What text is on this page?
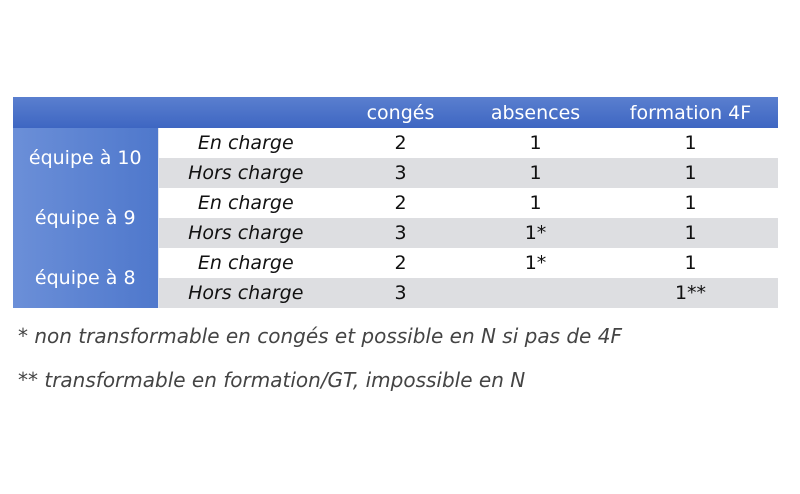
		congés	absences	formation 4F
équipe à 10	En charge	2	1	1
	Hors charge	3	1	1
équipe à 9	En charge	2	1	1
	Hors charge	3	1*	1
équipe à 8	En charge	2	1*	1
	Hors charge	3		1**
* non transformable en congés et possible en N si pas de 4F
** transformable en formation/GT, impossible en N
